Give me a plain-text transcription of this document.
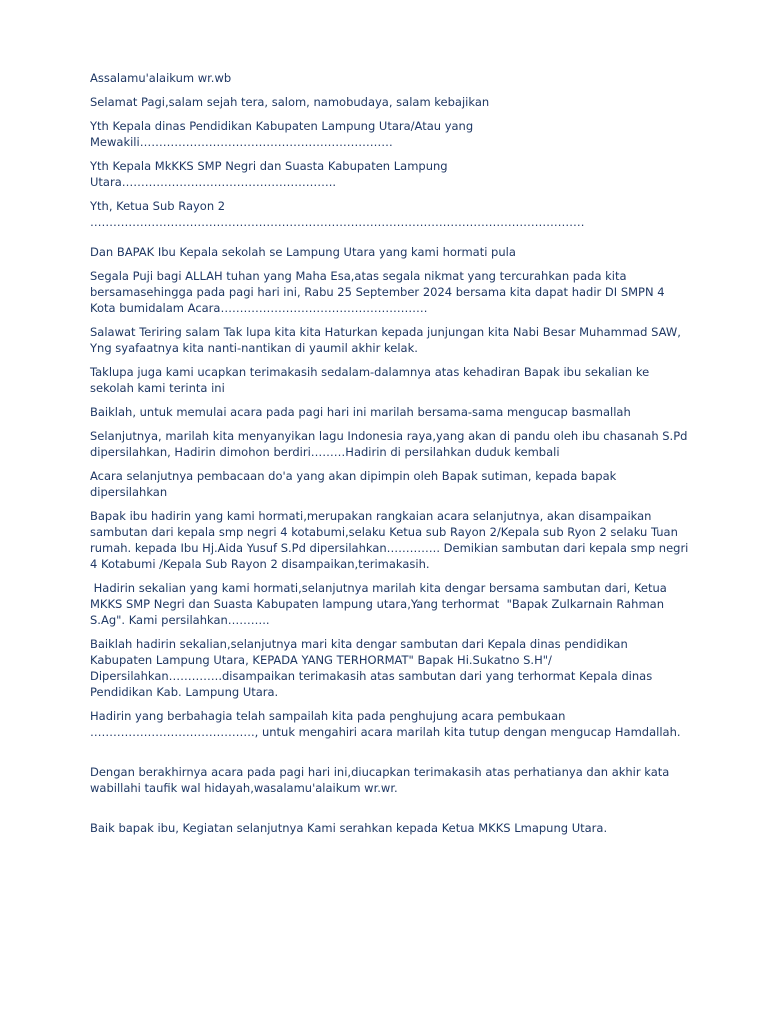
Assalamu'alaikum wr.wb

Selamat Pagi,salam sejah tera, salom, namobudaya, salam kebajikan

Yth Kepala dinas Pendidikan Kabupaten Lampung Utara/Atau yang
Mewakili…………………………………………………………

Yth Kepala MkKKS SMP Negri dan Suasta Kabupaten Lampung
Utara………………………………………………..

Yth, Ketua Sub Rayon 2
…………………………………………………………………………………………………………………

Dan BAPAK Ibu Kepala sekolah se Lampung Utara yang kami hormati pula

Segala Puji bagi ALLAH tuhan yang Maha Esa,atas segala nikmat yang tercurahkan pada kita bersamasehingga pada pagi hari ini, Rabu 25 September 2024 bersama kita dapat hadir DI SMPN 4 Kota bumidalam Acara………………………………………………

Salawat Teriring salam Tak lupa kita kita Haturkan kepada junjungan kita Nabi Besar Muhammad SAW, Yng syafaatnya kita nanti-nantikan di yaumil akhir kelak.

Taklupa juga kami ucapkan terimakasih sedalam-dalamnya atas kehadiran Bapak ibu sekalian ke sekolah kami terinta ini

Baiklah, untuk memulai acara pada pagi hari ini marilah bersama-sama mengucap basmallah

Selanjutnya, marilah kita menyanyikan lagu Indonesia raya,yang akan di pandu oleh ibu chasanah S.Pd dipersilahkan, Hadirin dimohon berdiri………Hadirin di persilahkan duduk kembali

Acara selanjutnya pembacaan do'a yang akan dipimpin oleh Bapak sutiman, kepada bapak dipersilahkan

Bapak ibu hadirin yang kami hormati,merupakan rangkaian acara selanjutnya, akan disampaikan sambutan dari kepala smp negri 4 kotabumi,selaku Ketua sub Rayon 2/Kepala sub Ryon 2 selaku Tuan rumah. kepada Ibu Hj.Aida Yusuf S.Pd dipersilahkan………….. Demikian sambutan dari kepala smp negri 4 Kotabumi /Kepala Sub Rayon 2 disampaikan,terimakasih.

Hadirin sekalian yang kami hormati,selanjutnya marilah kita dengar bersama sambutan dari, Ketua MKKS SMP Negri dan Suasta Kabupaten lampung utara,Yang terhormat  "Bapak Zulkarnain Rahman S.Ag". Kami persilahkan………..

Baiklah hadirin sekalian,selanjutnya mari kita dengar sambutan dari Kepala dinas pendidikan Kabupaten Lampung Utara, KEPADA YANG TERHORMAT" Bapak Hi.Sukatno S.H"/ Dipersilahkan…………..disampaikan terimakasih atas sambutan dari yang terhormat Kepala dinas Pendidikan Kab. Lampung Utara.

Hadirin yang berbahagia telah sampailah kita pada penghujung acara pembukaan ……………………………………., untuk mengahiri acara marilah kita tutup dengan mengucap Hamdallah.

Dengan berakhirnya acara pada pagi hari ini,diucapkan terimakasih atas perhatianya dan akhir kata wabillahi taufik wal hidayah,wasalamu'alaikum wr.wr.

Baik bapak ibu, Kegiatan selanjutnya Kami serahkan kepada Ketua MKKS Lmapung Utara.
